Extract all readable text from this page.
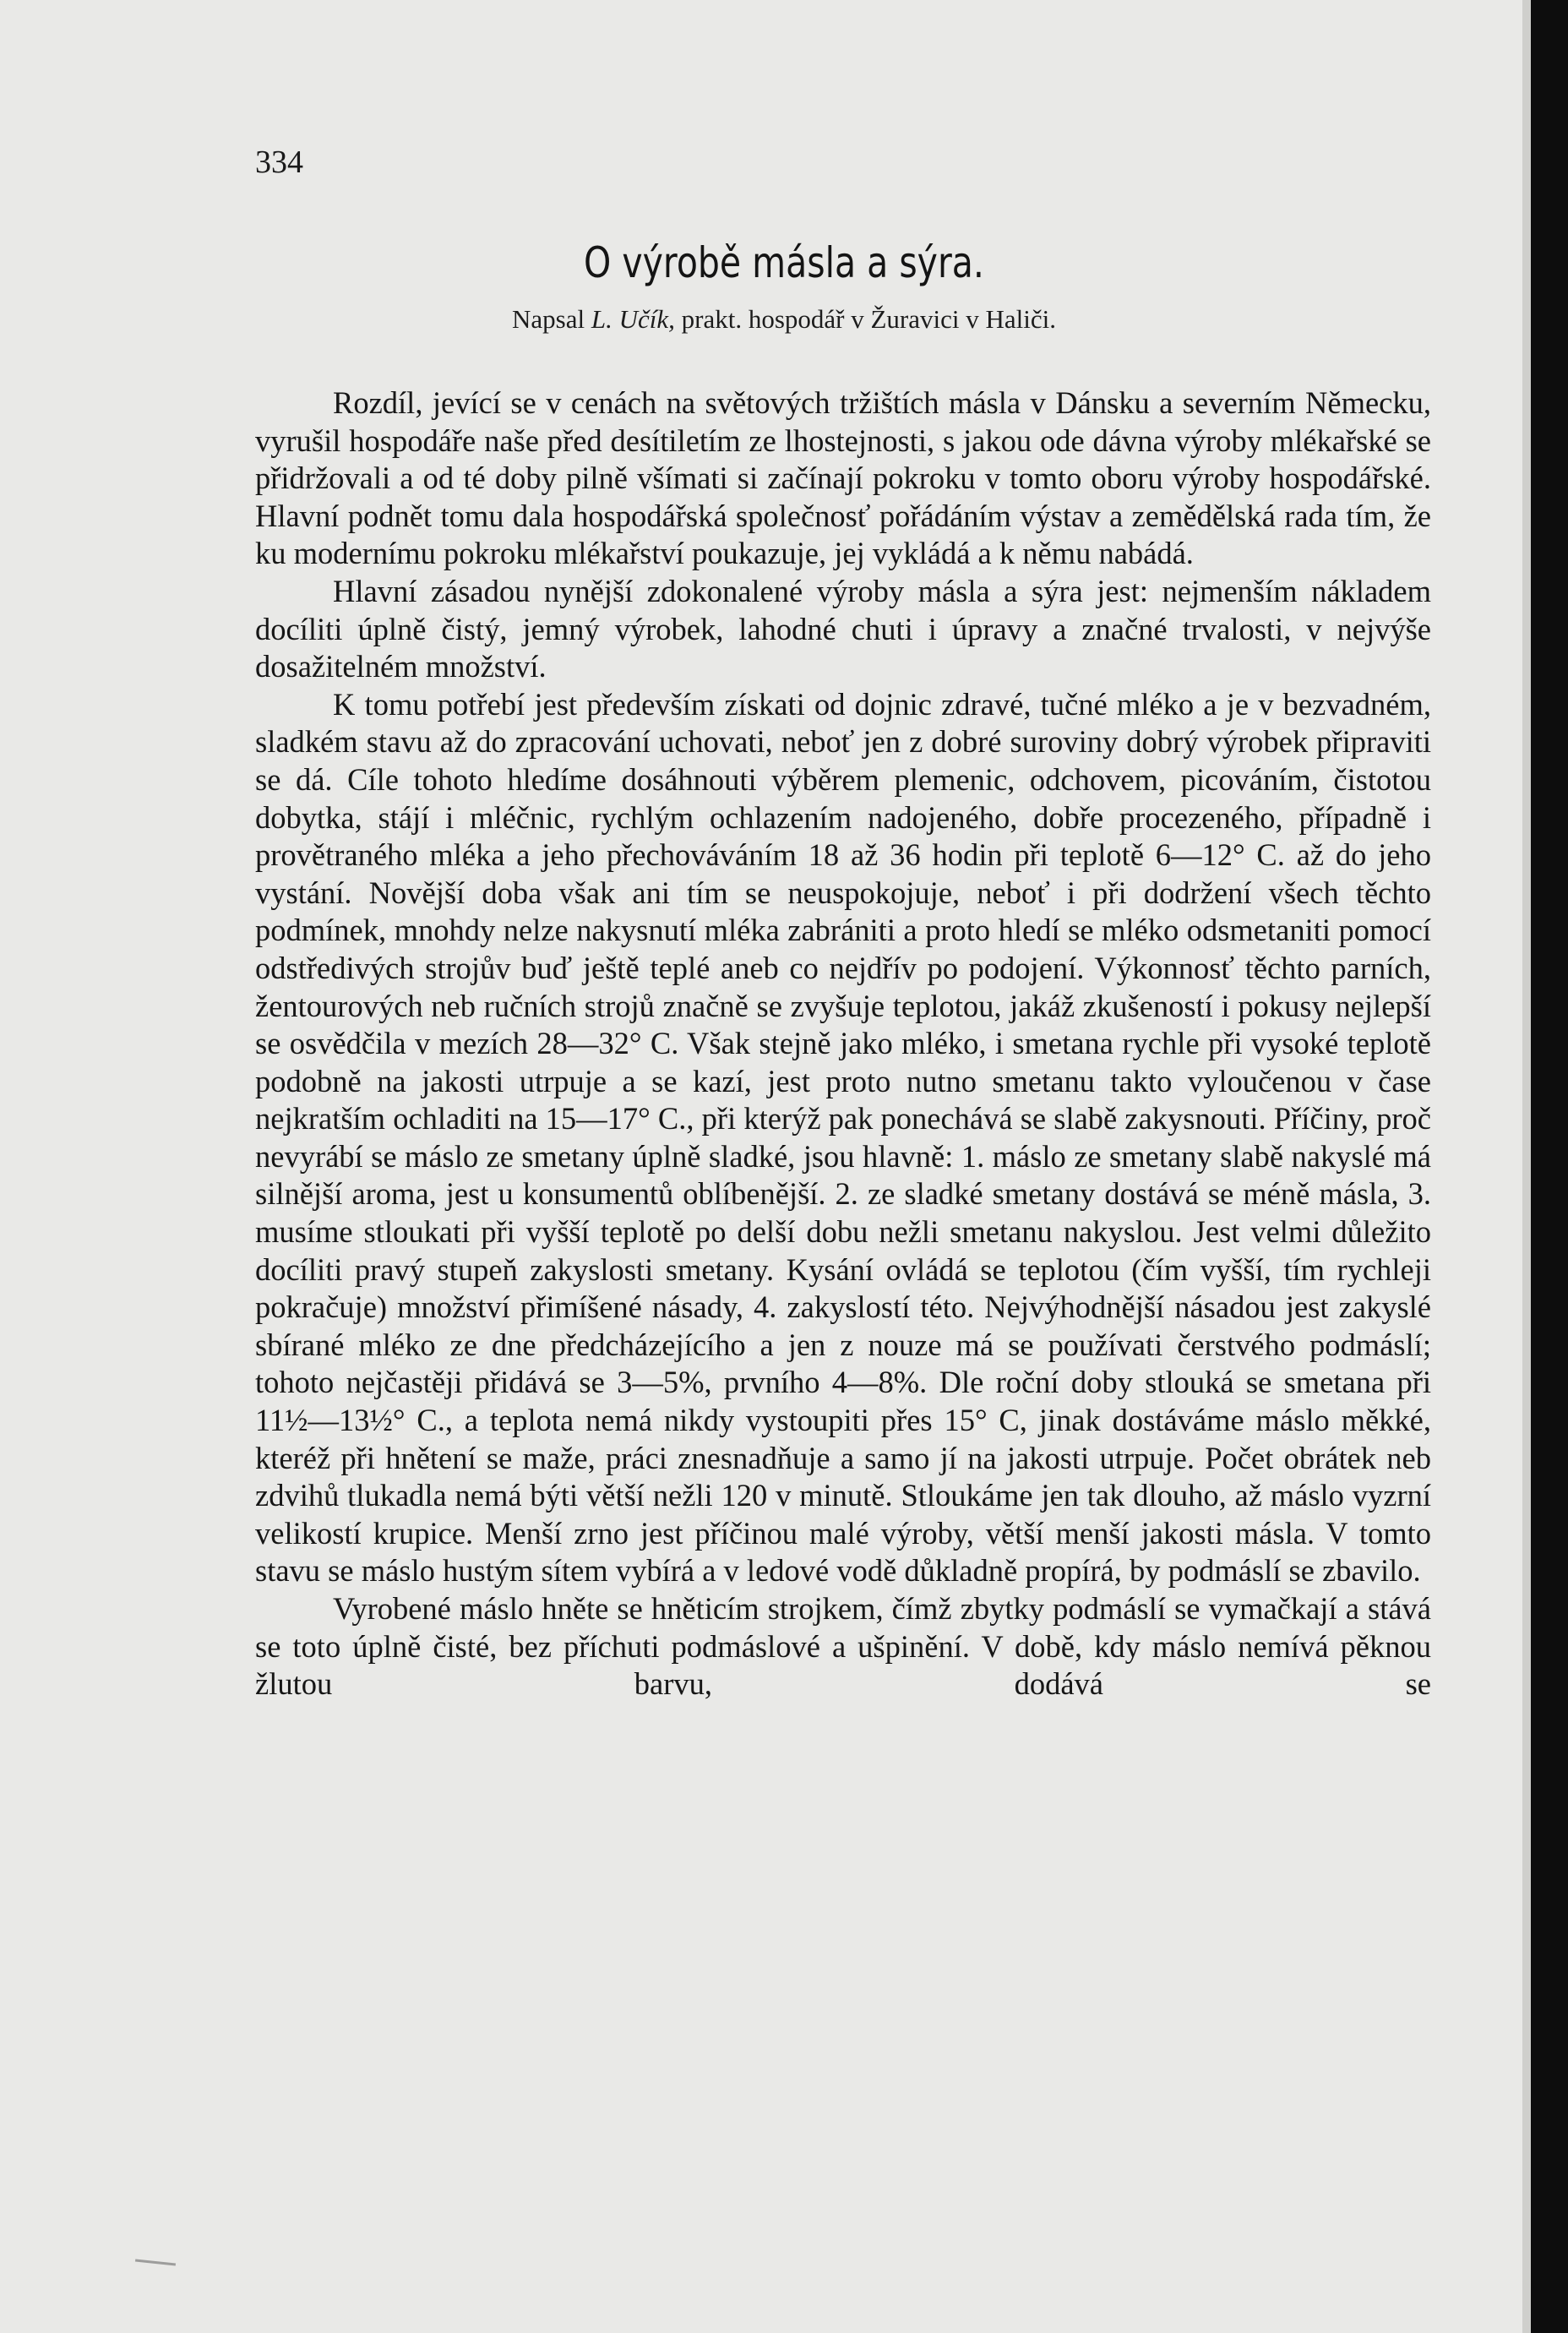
334
O výrobě másla a sýra.
Napsal L. Učík, prakt. hospodář v Žuravici v Haliči.

Rozdíl, jevící se v cenách na světových tržištích másla v Dánsku a severním Německu, vyrušil hospodáře naše před desítiletím ze lhostejnosti, s jakou ode dávna výroby mlékařské se přidržovali a od té doby pilně všímati si začínají pokroku v tomto oboru výroby hospodářské. Hlavní podnět tomu dala hospodářská společnosť pořádáním výstav a zemědělská rada tím, že ku modernímu pokroku mlékařství poukazuje, jej vykládá a k němu nabádá.

Hlavní zásadou nynější zdokonalené výroby másla a sýra jest: nejmenším nákladem docíliti úplně čistý, jemný výrobek, lahodné chuti i úpravy a značné trvalosti, v nejvýše dosažitelném množství.

K tomu potřebí jest především získati od dojnic zdravé, tučné mléko a je v bezvadném, sladkém stavu až do zpracování uchovati, neboť jen z dobré suroviny dobrý výrobek připraviti se dá. Cíle tohoto hledíme dosáhnouti výběrem plemenic, odchovem, picováním, čistotou dobytka, stájí i mléčnic, rychlým ochlazením nadojeného, dobře procezeného, případně i provětraného mléka a jeho přechováváním 18 až 36 hodin při teplotě 6—12° C. až do jeho vystání. Novější doba však ani tím se neuspokojuje, neboť i při dodržení všech těchto podmínek, mnohdy nelze nakysnutí mléka zabrániti a proto hledí se mléko odsmetaniti pomocí odstředivých strojův buď ještě teplé aneb co nejdřív po podojení. Výkonnosť těchto parních, žentourových neb ručních strojů značně se zvyšuje teplotou, jakáž zkušeností i pokusy nejlepší se osvědčila v mezích 28—32° C. Však stejně jako mléko, i smetana rychle při vysoké teplotě podobně na jakosti utrpuje a se kazí, jest proto nutno smetanu takto vyloučenou v čase nejkratším ochladiti na 15—17° C., při kterýž pak ponechává se slabě zakysnouti. Příčiny, proč nevyrábí se máslo ze smetany úplně sladké, jsou hlavně: 1. máslo ze smetany slabě nakyslé má silnější aroma, jest u konsumentů oblíbenější. 2. ze sladké smetany dostává se méně másla, 3. musíme stloukati při vyšší teplotě po delší dobu nežli smetanu nakyslou. Jest velmi důležito docíliti pravý stupeň zakyslosti smetany. Kysání ovládá se teplotou (čím vyšší, tím rychleji pokračuje) množství přimíšené násady, 4. zakyslostí této. Nejvýhodnější násadou jest zakyslé sbírané mléko ze dne předcházejícího a jen z nouze má se používati čerstvého podmáslí; tohoto nejčastěji přidává se 3—5%, prvního 4—8%. Dle roční doby stlouká se smetana při 11½—13½° C., a teplota nemá nikdy vystoupiti přes 15° C, jinak dostáváme máslo měkké, kteréž při hnětení se maže, práci znesnadňuje a samo jí na jakosti utrpuje. Počet obrátek neb zdvihů tlukadla nemá býti větší nežli 120 v minutě. Stloukáme jen tak dlouho, až máslo vyzrní velikostí krupice. Menší zrno jest příčinou malé výroby, větší menší jakosti másla. V tomto stavu se máslo hustým sítem vybírá a v ledové vodě důkladně propírá, by podmáslí se zbavilo.

Vyrobené máslo hněte se hněticím strojkem, čímž zbytky podmáslí se vymačkají a stává se toto úplně čisté, bez příchuti podmáslové a ušpinění. V době, kdy máslo nemívá pěknou žlutou barvu, dodává se
